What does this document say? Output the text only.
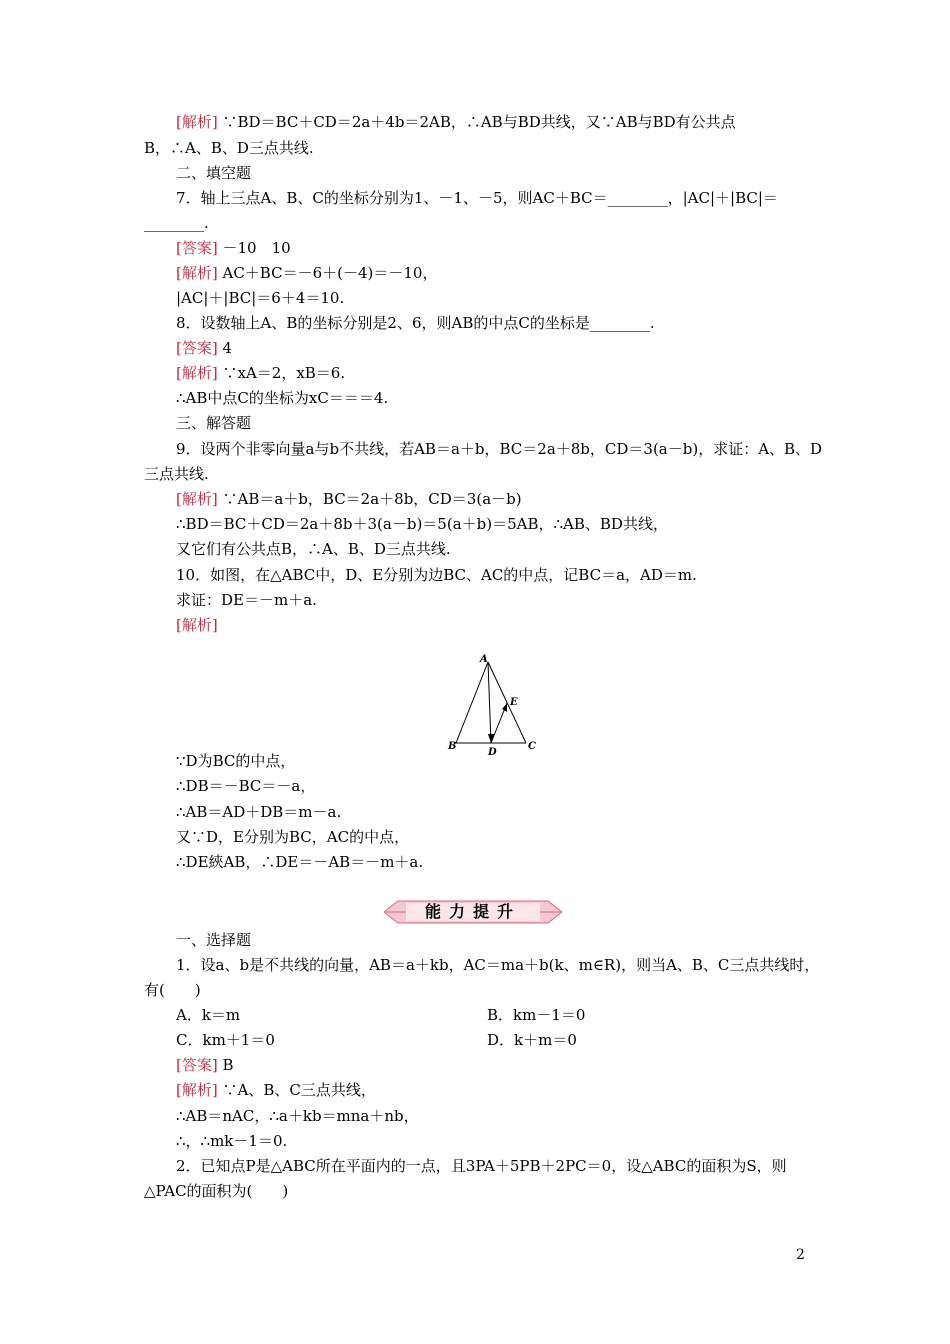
[解析] ∵BD＝BC＋CD＝2a＋4b＝2AB，∴AB与BD共线，又∵AB与BD有公共点
B，∴A、B、D三点共线.
二、填空题
7．轴上三点A、B、C的坐标分别为1、－1、－5，则AC＋BC＝________，|AC|＋|BC|＝
________.
[答案] －10　10
[解析] AC＋BC＝－6＋(－4)＝－10，
|AC|＋|BC|＝6＋4＝10.
8．设数轴上A、B的坐标分别是2、6，则AB的中点C的坐标是________.
[答案] 4
[解析] ∵xA＝2，xB＝6.
∴AB中点C的坐标为xC＝＝＝4.
三、解答题
9．设两个非零向量a与b不共线，若AB＝a＋b，BC＝2a＋8b，CD＝3(a－b)，求证：A、B、D
三点共线.
[解析] ∵AB＝a＋b，BC＝2a＋8b，CD＝3(a－b)
∴BD＝BC＋CD＝2a＋8b＋3(a－b)＝5(a＋b)＝5AB，∴AB、BD共线，
又它们有公共点B，∴A、B、D三点共线.
10．如图，在△ABC中，D、E分别为边BC、AC的中点，记BC＝a，AD＝m.
求证：DE＝－m＋a.
[解析]
∵D为BC的中点，
∴DB＝－BC＝－a，
∴AB＝AD＋DB＝m－a.
又∵D，E分别为BC，AC的中点，
∴DE綊AB，∴DE＝－AB＝－m＋a.
一、选择题
1．设a、b是不共线的向量，AB＝a＋kb，AC＝ma＋b(k、m∈R)，则当A、B、C三点共线时，
有(　　)
A．k＝m	B．km－1＝0
C．km＋1＝0	D．k＋m＝0
[答案] B
[解析] ∵A、B、C三点共线，
∴AB＝nAC，∴a＋kb＝mna＋nb，
∴，∴mk－1＝0.
2．已知点P是△ABC所在平面内的一点，且3PA＋5PB＋2PC＝0，设△ABC的面积为S，则
△PAC的面积为(　　)
能力提升
A
B	C
D
E
2
